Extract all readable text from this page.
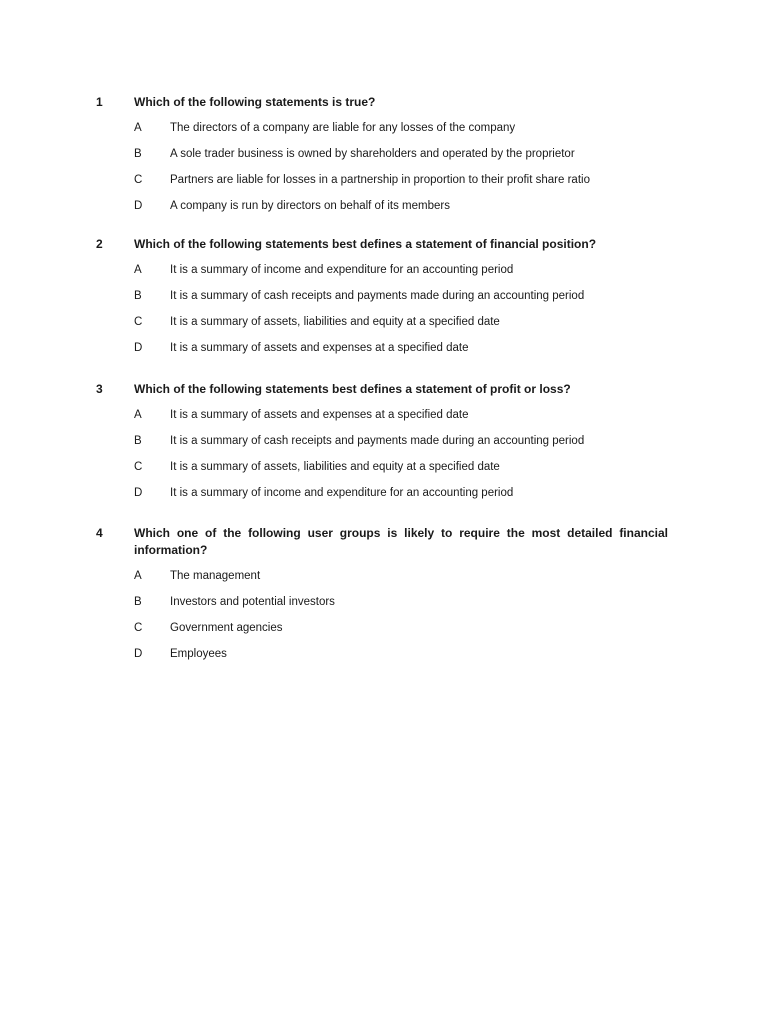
1	Which of the following statements is true?
A	The directors of a company are liable for any losses of the company
B	A sole trader business is owned by shareholders and operated by the proprietor
C	Partners are liable for losses in a partnership in proportion to their profit share ratio
D	A company is run by directors on behalf of its members
2	Which of the following statements best defines a statement of financial position?
A	It is a summary of income and expenditure for an accounting period
B	It is a summary of cash receipts and payments made during an accounting period
C	It is a summary of assets, liabilities and equity at a specified date
D	It is a summary of assets and expenses at a specified date
3	Which of the following statements best defines a statement of profit or loss?
A	It is a summary of assets and expenses at a specified date
B	It is a summary of cash receipts and payments made during an accounting period
C	It is a summary of assets, liabilities and equity at a specified date
D	It is a summary of income and expenditure for an accounting period
4	Which one of the following user groups is likely to require the most detailed financial information?
A	The management
B	Investors and potential investors
C	Government agencies
D	Employees
